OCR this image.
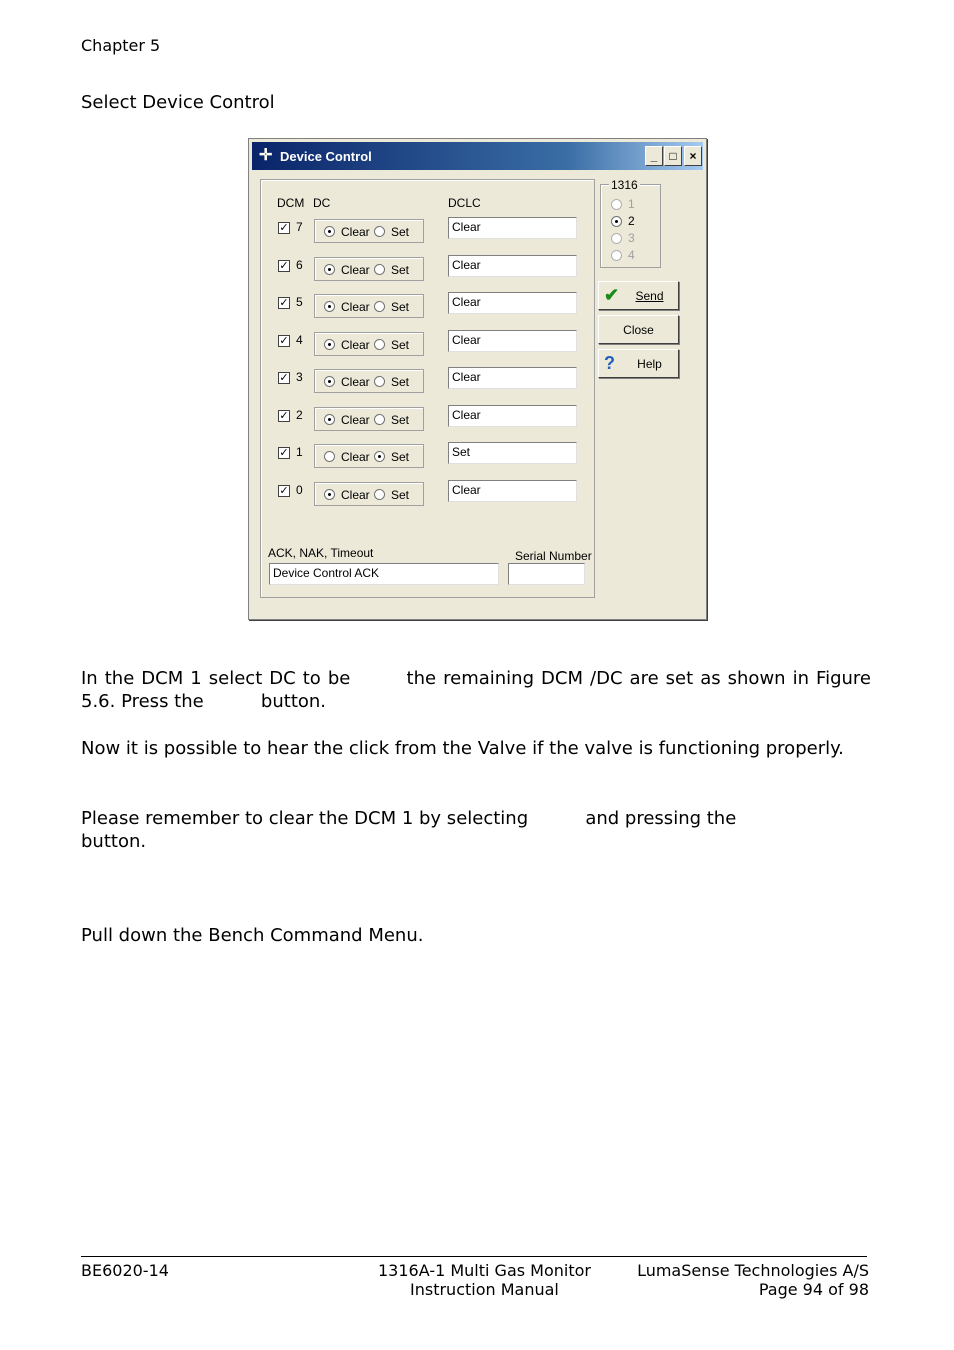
Chapter 5
Select Device Control
✛ Device Control	_	□	×
DCM DC	DCLC
✓ 7	Clear Set	Clear
✓ 6	Clear Set	Clear
✓ 5	Clear Set	Clear
✓ 4	Clear Set	Clear
✓ 3	Clear Set	Clear
✓ 2	Clear Set	Clear
✓ 1	Clear Set	Set
✓ 0	Clear Set	Clear
1316
1
2
3
4
✔	Send
Close
?	Help
ACK, NAK, Timeout
Device Control ACK
Serial Number
In the DCM 1 select DC to be        the remaining DCM /DC are set as shown in Figure 5.6. Press the          button.
Now it is possible to hear the click from the Valve if the valve is functioning properly.
Please remember to clear the DCM 1 by selecting          and pressing the          button.
Pull down the Bench Command Menu.
BE6020-14	1316A-1 Multi Gas Monitor
Instruction Manual
LumaSense Technologies A/S
Page 94 of 98
